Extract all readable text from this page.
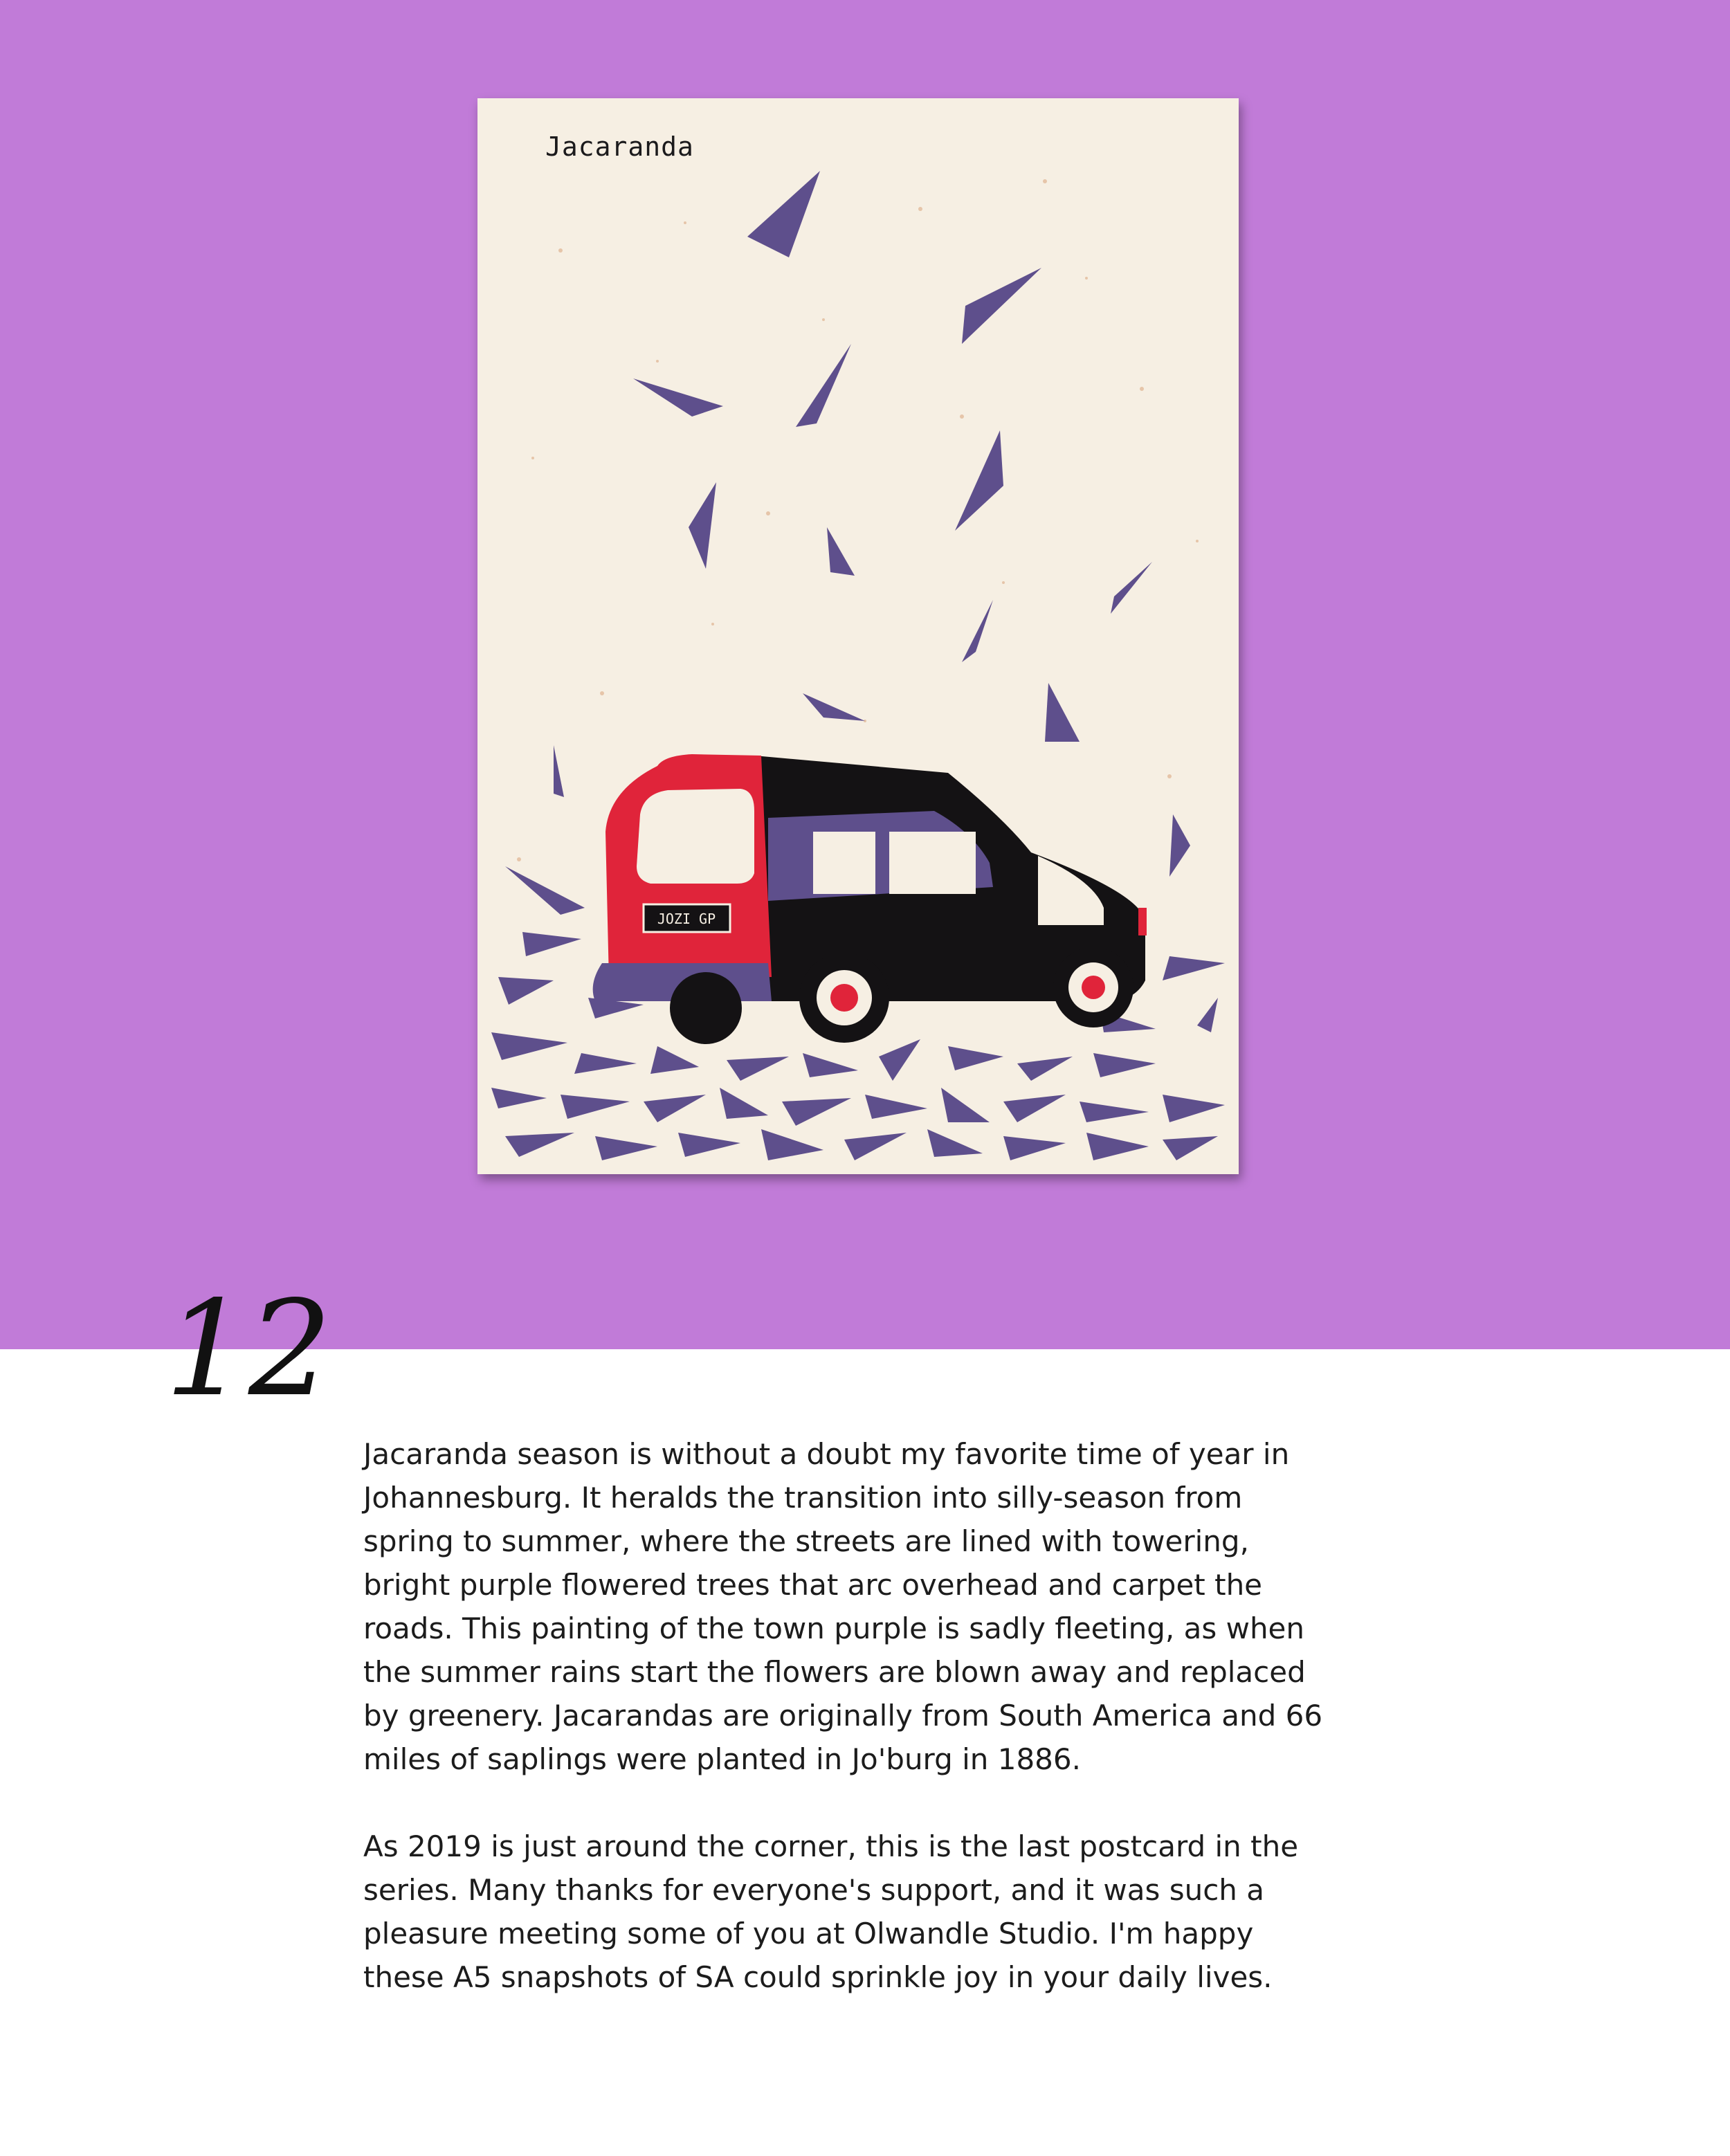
JOZI GP
Jacaranda
12

Jacaranda season is without a doubt my favorite time of year in
Johannesburg. It heralds the transition into silly-season from
spring to summer, where the streets are lined with towering,
bright purple flowered trees that arc overhead and carpet the
roads. This painting of the town purple is sadly fleeting, as when
the summer rains start the flowers are blown away and replaced
by greenery. Jacarandas are originally from South America and 66
miles of saplings were planted in Jo'burg in 1886.

As 2019 is just around the corner, this is the last postcard in the
series. Many thanks for everyone's support, and it was such a
pleasure meeting some of you at Olwandle Studio. I'm happy
these A5 snapshots of SA could sprinkle joy in your daily lives.
